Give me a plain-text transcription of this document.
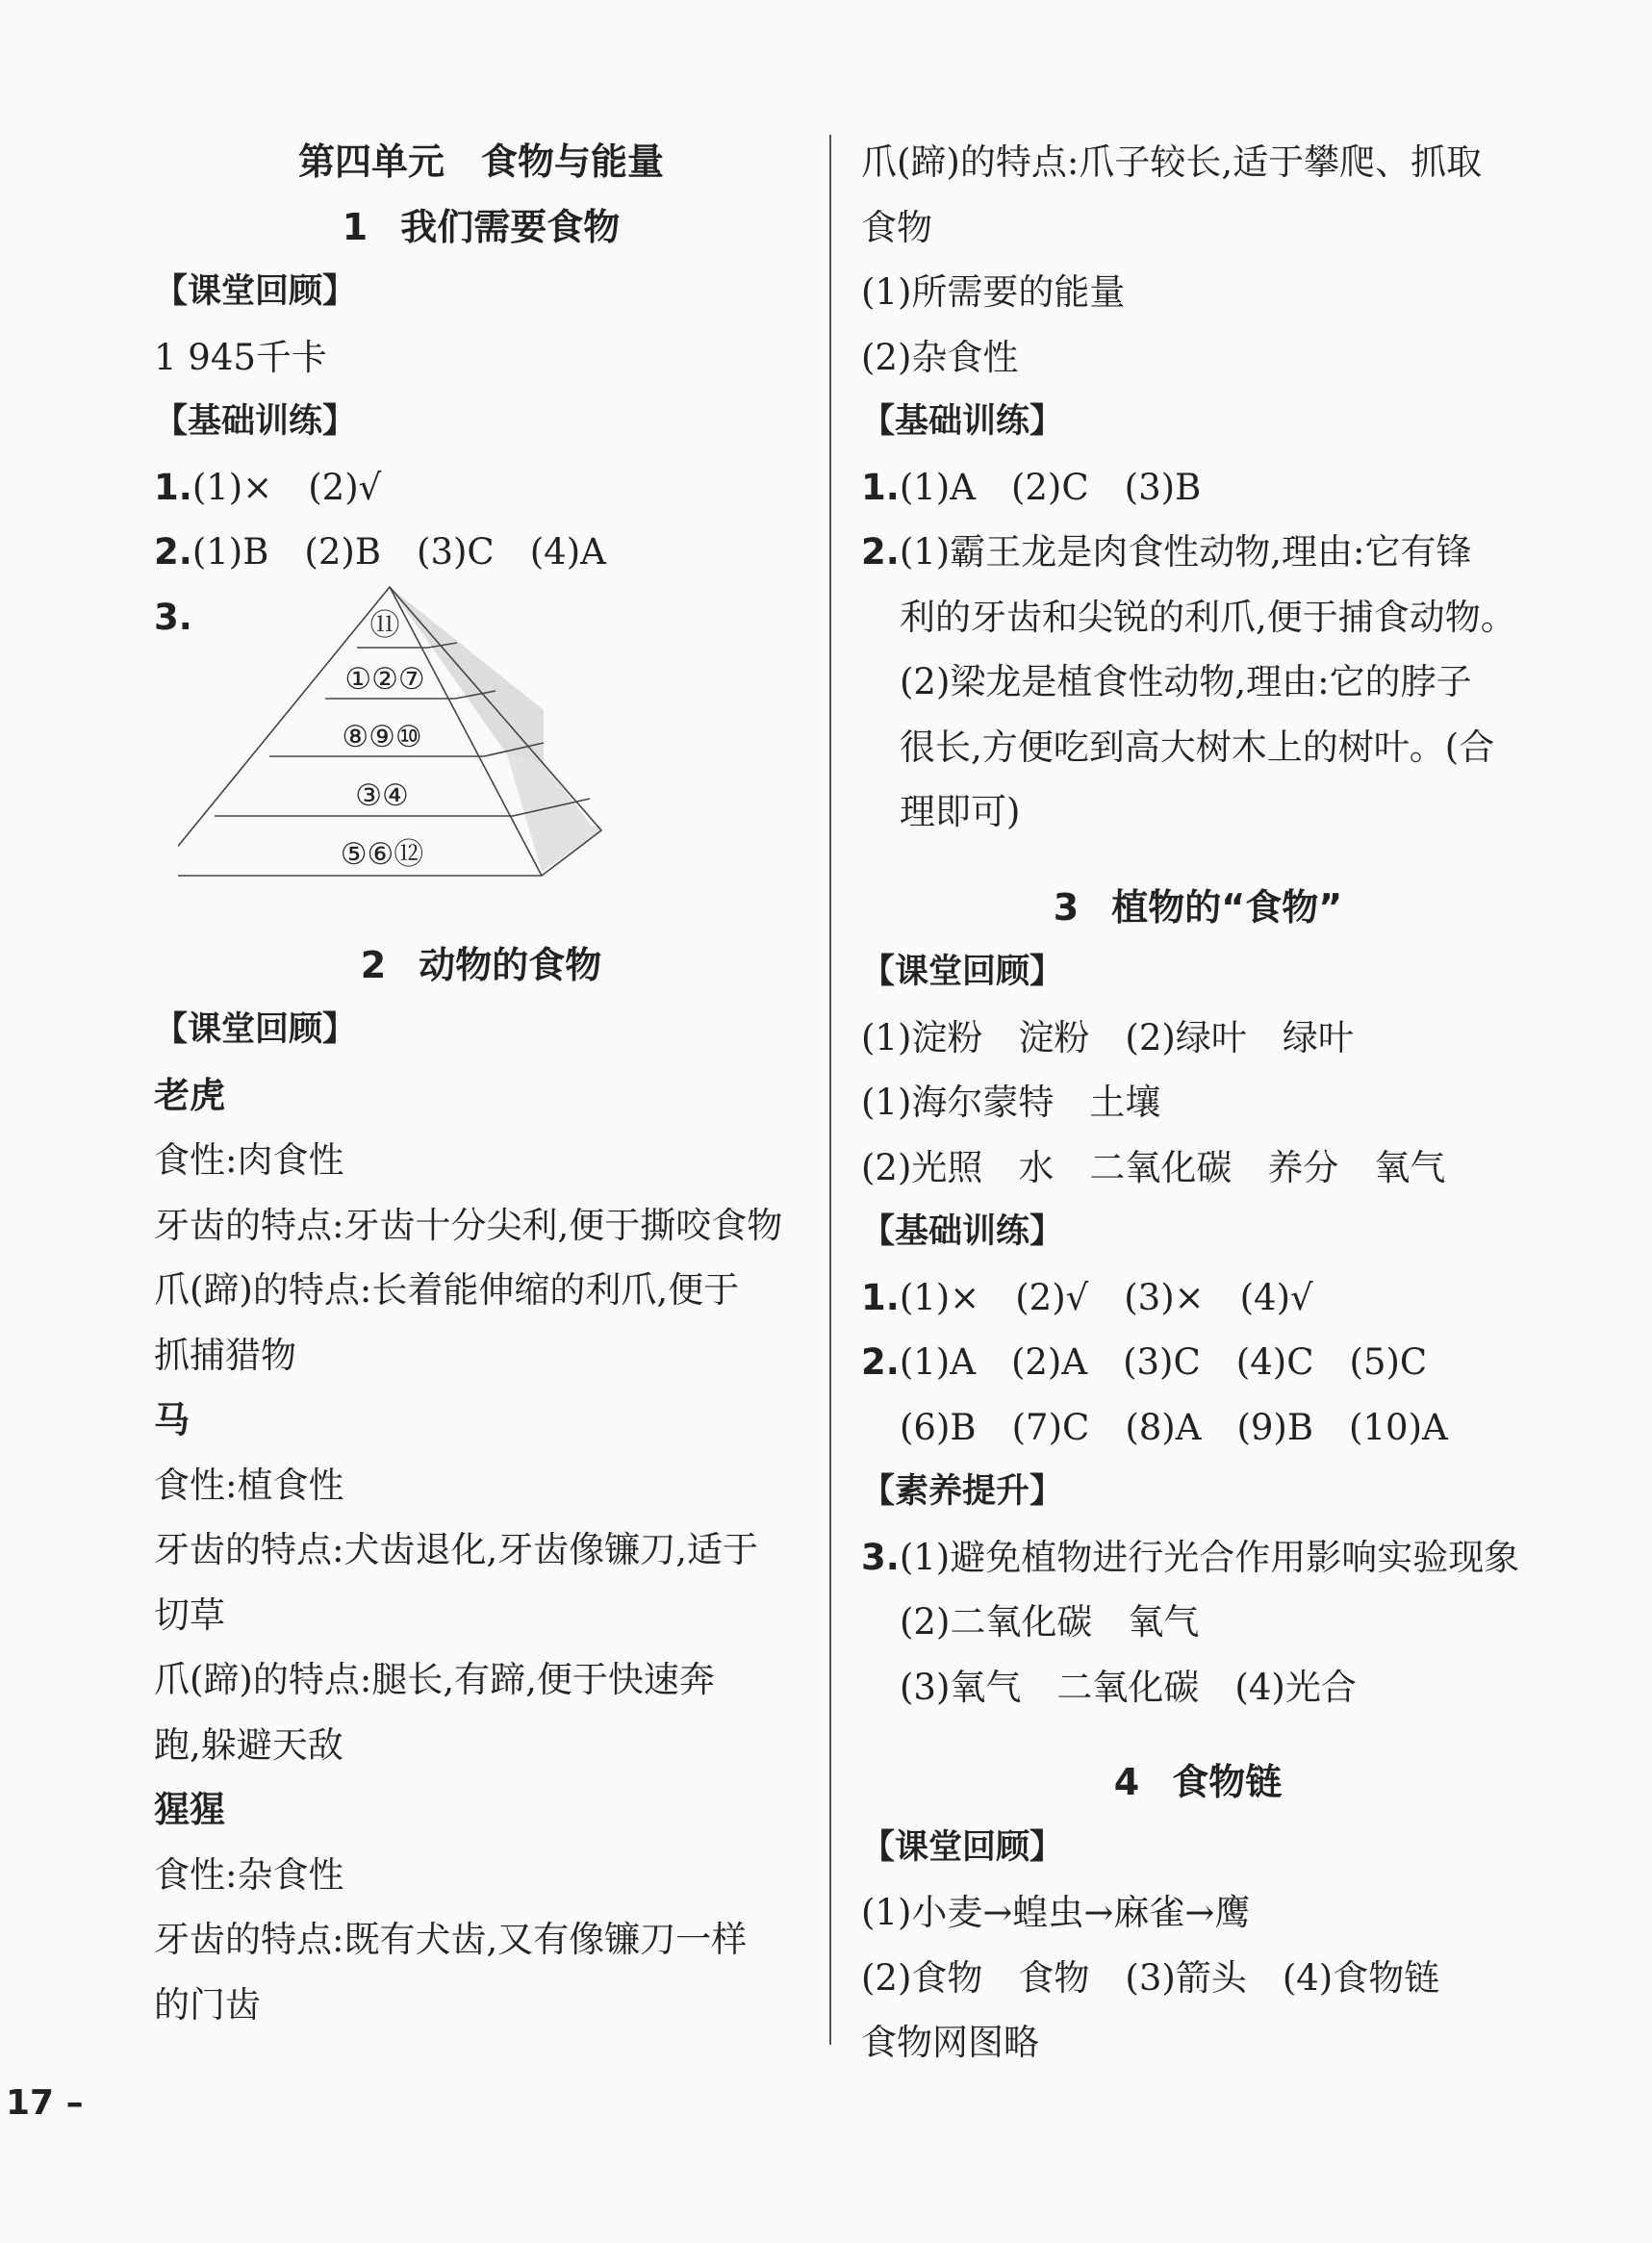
第四单元　食物与能量
1 我们需要食物
【课堂回顾】
1 945千卡
【基础训练】
1.(1)×　(2)√
2.(1)B　(2)B　(3)C　(4)A
3.	⑪
①②⑦
⑧⑨⑩
③④
⑤⑥⑫
2 动物的食物
【课堂回顾】
老虎
食性:肉食性
牙齿的特点:牙齿十分尖利,便于撕咬食物
爪(蹄)的特点:长着能伸缩的利爪,便于
抓捕猎物
马
食性:植食性
牙齿的特点:犬齿退化,牙齿像镰刀,适于
切草
爪(蹄)的特点:腿长,有蹄,便于快速奔
跑,躲避天敌
猩猩
食性:杂食性
牙齿的特点:既有犬齿,又有像镰刀一样
的门齿
爪(蹄)的特点:爪子较长,适于攀爬、抓取
食物
(1)所需要的能量
(2)杂食性
【基础训练】
1.(1)A　(2)C　(3)B
2.(1)霸王龙是肉食性动物,理由:它有锋
利的牙齿和尖锐的利爪,便于捕食动物。
(2)梁龙是植食性动物,理由:它的脖子
很长,方便吃到高大树木上的树叶。(合
理即可)
3 植物的“食物”
【课堂回顾】
(1)淀粉　淀粉　(2)绿叶　绿叶
(1)海尔蒙特　土壤
(2)光照　水　二氧化碳　养分　氧气
【基础训练】
1.(1)×　(2)√　(3)×　(4)√
2.(1)A　(2)A　(3)C　(4)C　(5)C
(6)B　(7)C　(8)A　(9)B　(10)A
【素养提升】
3.(1)避免植物进行光合作用影响实验现象
(2)二氧化碳　氧气
(3)氧气　二氧化碳　(4)光合
4 食物链
【课堂回顾】
(1)小麦→蝗虫→麻雀→鹰
(2)食物　食物　(3)箭头　(4)食物链
食物网图略
17 –
